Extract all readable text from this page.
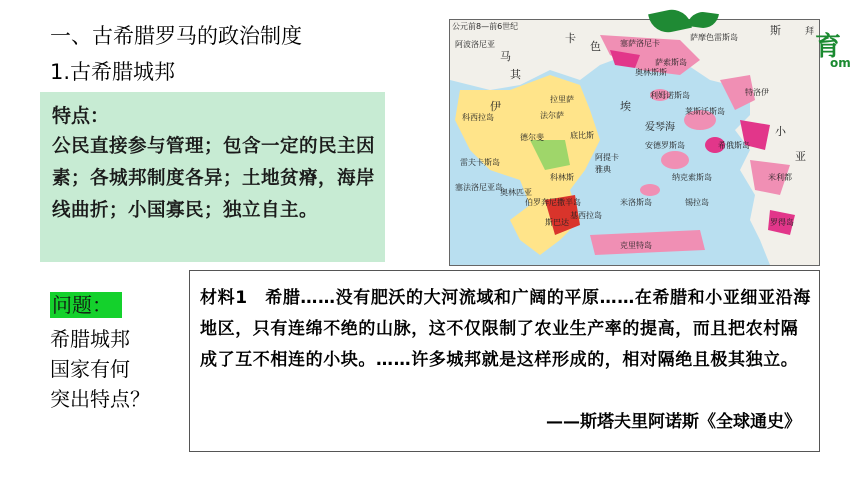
一、古希腊罗马的政治制度
1.古希腊城邦
特点：
公民直接参与管理；包含一定的民主因素；各城邦制度各异；土地贫瘠，海岸线曲折；小国寡民；独立自主。
公元前8—前6世纪
阿波洛尼亚
马
其
卡
色
斯	拜
萨索斯岛
塞萨洛尼卡
奥林斯斯
拉里萨
科西拉岛	法尔萨
伊	埃
萨摩色雷斯岛
利姆诺斯岛	特洛伊
莱斯沃斯岛
希俄斯岛
基西拉岛
纳克索斯岛	米利都
小
亚
克里特岛
罗得岛
安德罗斯岛
阿提卡
雅典
斯巴达
伯罗奔尼撒半岛
雷夫卡斯岛
爱琴海
科林斯
锡拉岛
米洛斯岛
塞法洛尼亚岛
底比斯
德尔斐
奥林匹亚
育
om
问题：
希腊城邦
国家有何
突出特点？
材料1　希腊……没有肥沃的大河流域和广阔的平原……在希腊和小亚细亚沿海地区，只有连绵不绝的山脉，这不仅限制了农业生产率的提高，而且把农村隔成了互不相连的小块。……许多城邦就是这样形成的，相对隔绝且极其独立。
——斯塔夫里阿诺斯《全球通史》
